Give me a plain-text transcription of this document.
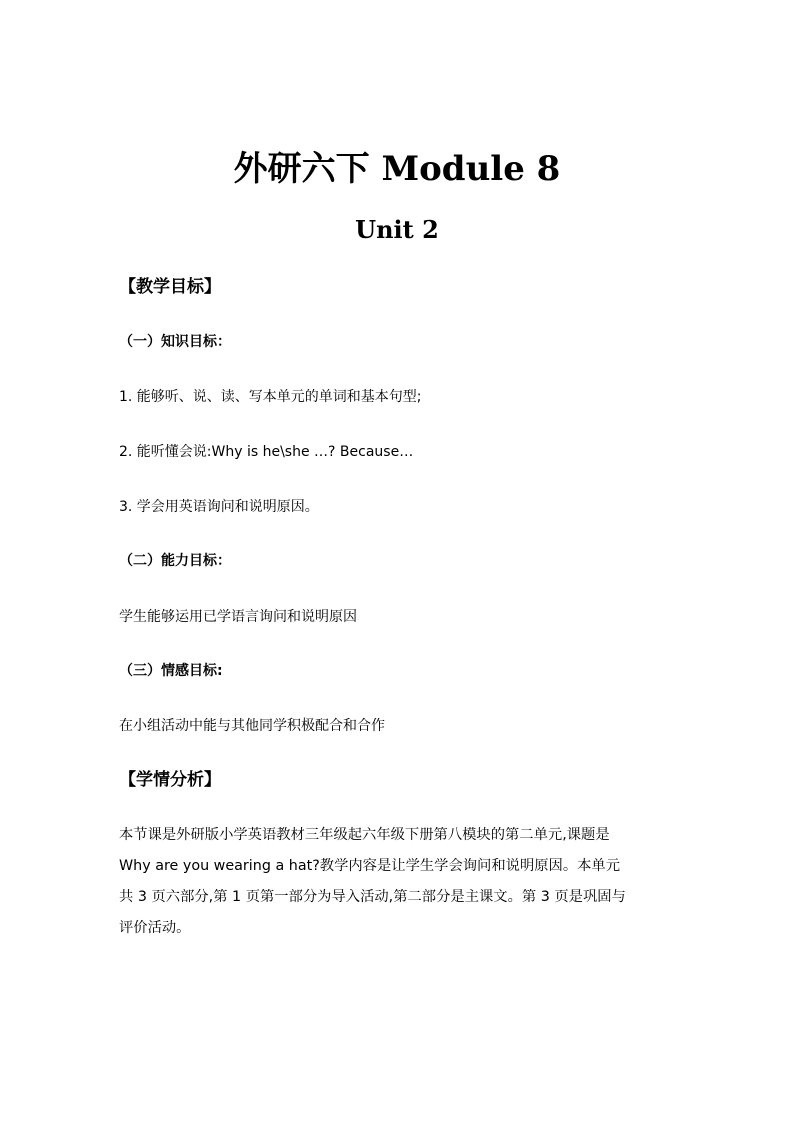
外研六下 Module 8
Unit 2
【教学目标】
（一）知识目标：
1. 能够听、说、读、写本单元的单词和基本句型;
2. 能听懂会说:Why is he\she …? Because…
3. 学会用英语询问和说明原因。
（二）能力目标：
学生能够运用已学语言询问和说明原因
（三）情感目标:
在小组活动中能与其他同学积极配合和合作
【学情分析】

本节课是外研版小学英语教材三年级起六年级下册第八模块的第二单元,课题是
Why are you wearing a hat?教学内容是让学生学会询问和说明原因。本单元
共 3 页六部分,第 1 页第一部分为导入活动,第二部分是主课文。第 3 页是巩固与
评价活动。
